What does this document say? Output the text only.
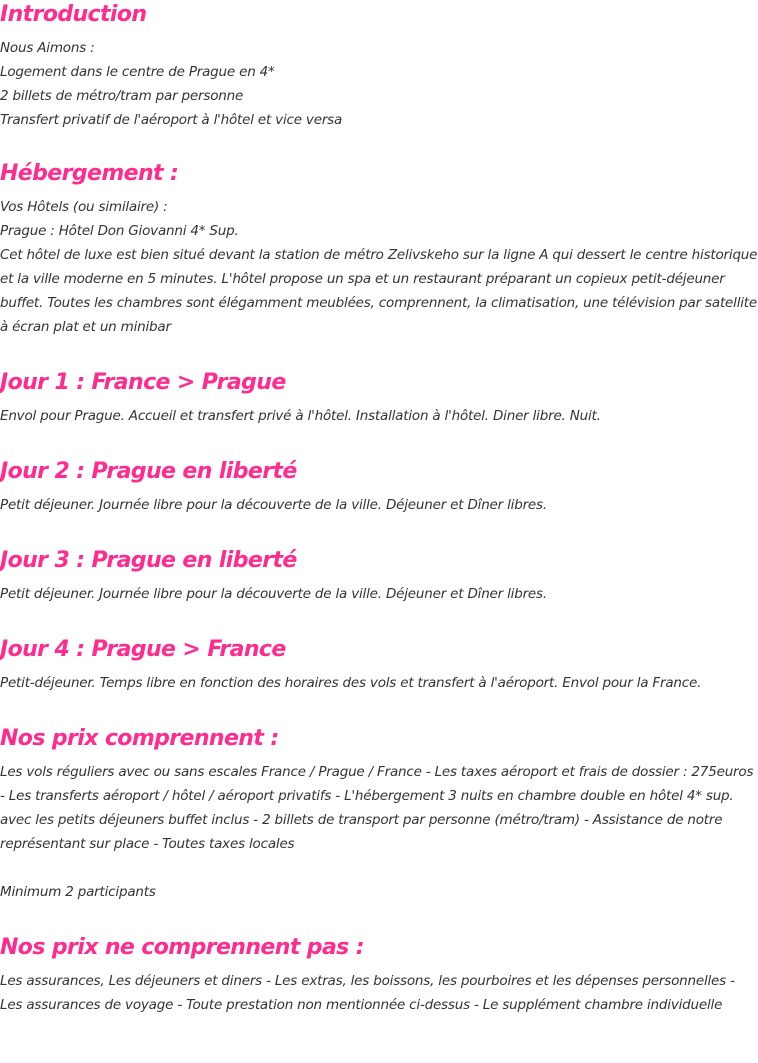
Introduction

Nous Aimons :

Logement dans le centre de Prague en 4*

2 billets de métro/tram par personne

Transfert privatif de l'aéroport à l'hôtel et vice versa

Hébergement :

Vos Hôtels (ou similaire) :

Prague : Hôtel Don Giovanni 4* Sup.

Cet hôtel de luxe est bien situé devant la station de métro Zelivskeho sur la ligne A qui dessert le centre historique et la ville moderne en 5 minutes. L'hôtel propose un spa et un restaurant préparant un copieux petit-déjeuner buffet. Toutes les chambres sont élégamment meublées, comprennent, la climatisation, une télévision par satellite à écran plat et un minibar

Jour 1 : France > Prague

Envol pour Prague. Accueil et transfert privé à l'hôtel. Installation à l'hôtel. Diner libre. Nuit.

Jour 2 : Prague en liberté

Petit déjeuner. Journée libre pour la découverte de la ville. Déjeuner et Dîner libres.

Jour 3 : Prague en liberté

Petit déjeuner. Journée libre pour la découverte de la ville. Déjeuner et Dîner libres.

Jour 4 : Prague > France

Petit-déjeuner. Temps libre en fonction des horaires des vols et transfert à l'aéroport. Envol pour la France.

Nos prix comprennent :

Les vols réguliers avec ou sans escales France / Prague / France - Les taxes aéroport et frais de dossier : 275euros - Les transferts aéroport / hôtel / aéroport privatifs - L'hébergement 3 nuits en chambre double en hôtel 4* sup. avec les petits déjeuners buffet inclus - 2 billets de transport par personne (métro/tram) - Assistance de notre représentant sur place - Toutes taxes locales

Minimum 2 participants

Nos prix ne comprennent pas :

Les assurances, Les déjeuners et diners - Les extras, les boissons, les pourboires et les dépenses personnelles - Les assurances de voyage - Toute prestation non mentionnée ci-dessus - Le supplément chambre individuelle
